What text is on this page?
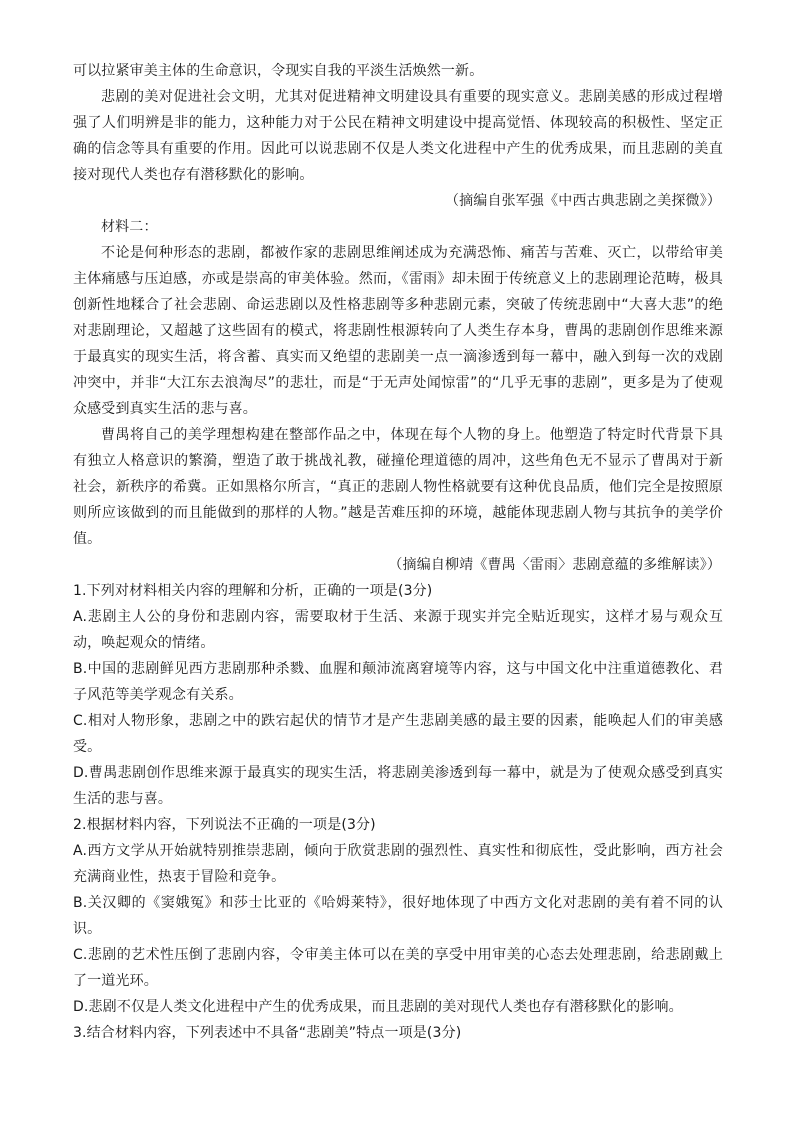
可以拉紧审美主体的生命意识，令现实自我的平淡生活焕然一新。

悲剧的美对促进社会文明，尤其对促进精神文明建设具有重要的现实意义。悲剧美感的形成过程增强了人们明辨是非的能力，这种能力对于公民在精神文明建设中提高觉悟、体现较高的积极性、坚定正确的信念等具有重要的作用。因此可以说悲剧不仅是人类文化进程中产生的优秀成果，而且悲剧的美直接对现代人类也存有潜移默化的影响。

（摘编自张军强《中西古典悲剧之美探微》）

材料二：

不论是何种形态的悲剧，都被作家的悲剧思维阐述成为充满恐怖、痛苦与苦难、灭亡，以带给审美主体痛感与压迫感，亦或是崇高的审美体验。然而，《雷雨》却未囿于传统意义上的悲剧理论范畴，极具创新性地糅合了社会悲剧、命运悲剧以及性格悲剧等多种悲剧元素，突破了传统悲剧中“大喜大悲”的绝对悲剧理论，又超越了这些固有的模式，将悲剧性根源转向了人类生存本身，曹禺的悲剧创作思维来源于最真实的现实生活，将含蓄、真实而又绝望的悲剧美一点一滴渗透到每一幕中，融入到每一次的戏剧冲突中，并非“大江东去浪淘尽”的悲壮，而是“于无声处闻惊雷”的“几乎无事的悲剧”，更多是为了使观众感受到真实生活的悲与喜。

曹禺将自己的美学理想构建在整部作品之中，体现在每个人物的身上。他塑造了特定时代背景下具有独立人格意识的繁漪，塑造了敢于挑战礼教，碰撞伦理道德的周冲，这些角色无不显示了曹禺对于新社会，新秩序的希冀。正如黑格尔所言，“真正的悲剧人物性格就要有这种优良品质，他们完全是按照原则所应该做到的而且能做到的那样的人物。”越是苦难压抑的环境，越能体现悲剧人物与其抗争的美学价值。

（摘编自柳靖《曹禺〈雷雨〉悲剧意蕴的多维解读》）

1.下列对材料相关内容的理解和分析，正确的一项是(3分)

A.悲剧主人公的身份和悲剧内容，需要取材于生活、来源于现实并完全贴近现实，这样才易与观众互动，唤起观众的情绪。

B.中国的悲剧鲜见西方悲剧那种杀戮、血腥和颠沛流离窘境等内容，这与中国文化中注重道德教化、君子风范等美学观念有关系。

C.相对人物形象，悲剧之中的跌宕起伏的情节才是产生悲剧美感的最主要的因素，能唤起人们的审美感受。

D.曹禺悲剧创作思维来源于最真实的现实生活，将悲剧美渗透到每一幕中，就是为了使观众感受到真实生活的悲与喜。

2.根据材料内容，下列说法不正确的一项是(3分)

A.西方文学从开始就特别推崇悲剧，倾向于欣赏悲剧的强烈性、真实性和彻底性，受此影响，西方社会充满商业性，热衷于冒险和竞争。

B.关汉卿的《窦娥冤》和莎士比亚的《哈姆莱特》，很好地体现了中西方文化对悲剧的美有着不同的认识。

C.悲剧的艺术性压倒了悲剧内容，令审美主体可以在美的享受中用审美的心态去处理悲剧，给悲剧戴上了一道光环。

D.悲剧不仅是人类文化进程中产生的优秀成果，而且悲剧的美对现代人类也存有潜移默化的影响。

3.结合材料内容，下列表述中不具备“悲剧美”特点一项是(3分)
